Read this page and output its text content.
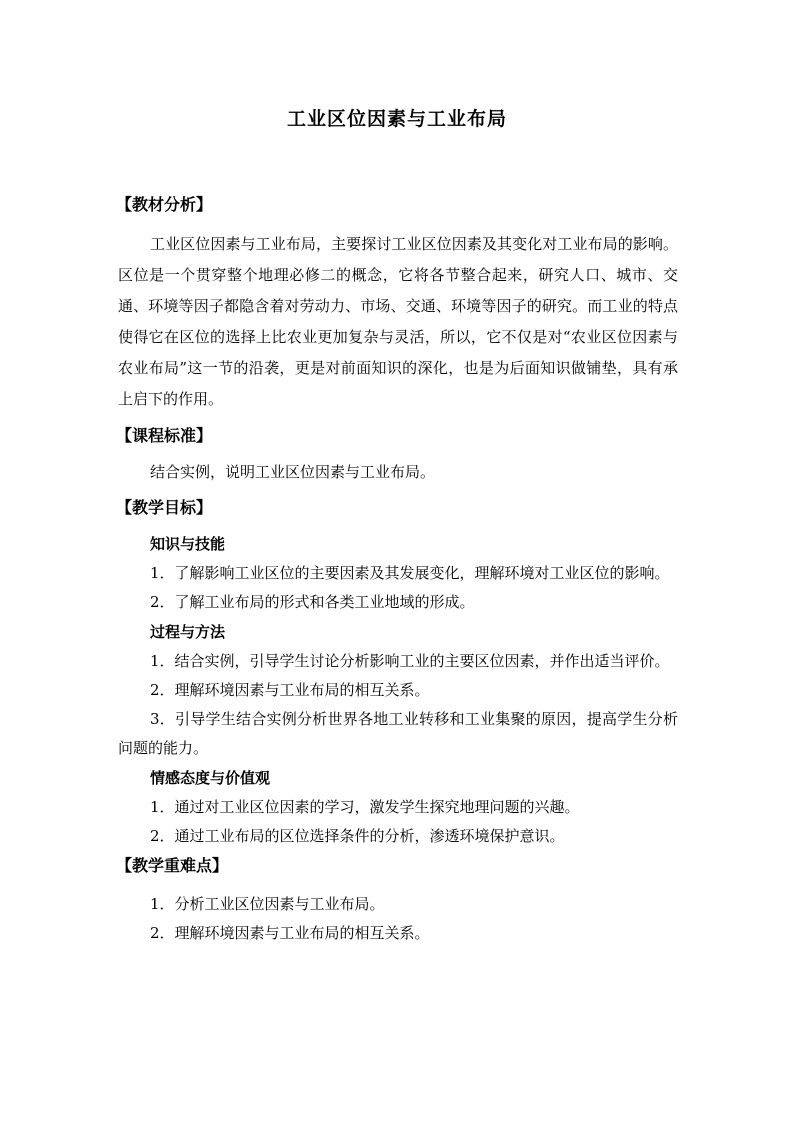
工业区位因素与工业布局
【教材分析】

工业区位因素与工业布局，主要探讨工业区位因素及其变化对工业布局的影响。区位是一个贯穿整个地理必修二的概念，它将各节整合起来，研究人口、城市、交通、环境等因子都隐含着对劳动力、市场、交通、环境等因子的研究。而工业的特点使得它在区位的选择上比农业更加复杂与灵活，所以，它不仅是对“农业区位因素与农业布局”这一节的沿袭，更是对前面知识的深化，也是为后面知识做铺垫，具有承上启下的作用。

【课程标准】

结合实例，说明工业区位因素与工业布局。

【教学目标】

知识与技能

1．了解影响工业区位的主要因素及其发展变化，理解环境对工业区位的影响。

2．了解工业布局的形式和各类工业地域的形成。

过程与方法

1．结合实例，引导学生讨论分析影响工业的主要区位因素，并作出适当评价。

2．理解环境因素与工业布局的相互关系。

3．引导学生结合实例分析世界各地工业转移和工业集聚的原因，提高学生分析问题的能力。

情感态度与价值观

1．通过对工业区位因素的学习，激发学生探究地理问题的兴趣。

2．通过工业布局的区位选择条件的分析，渗透环境保护意识。

【教学重难点】

1．分析工业区位因素与工业布局。

2．理解环境因素与工业布局的相互关系。
